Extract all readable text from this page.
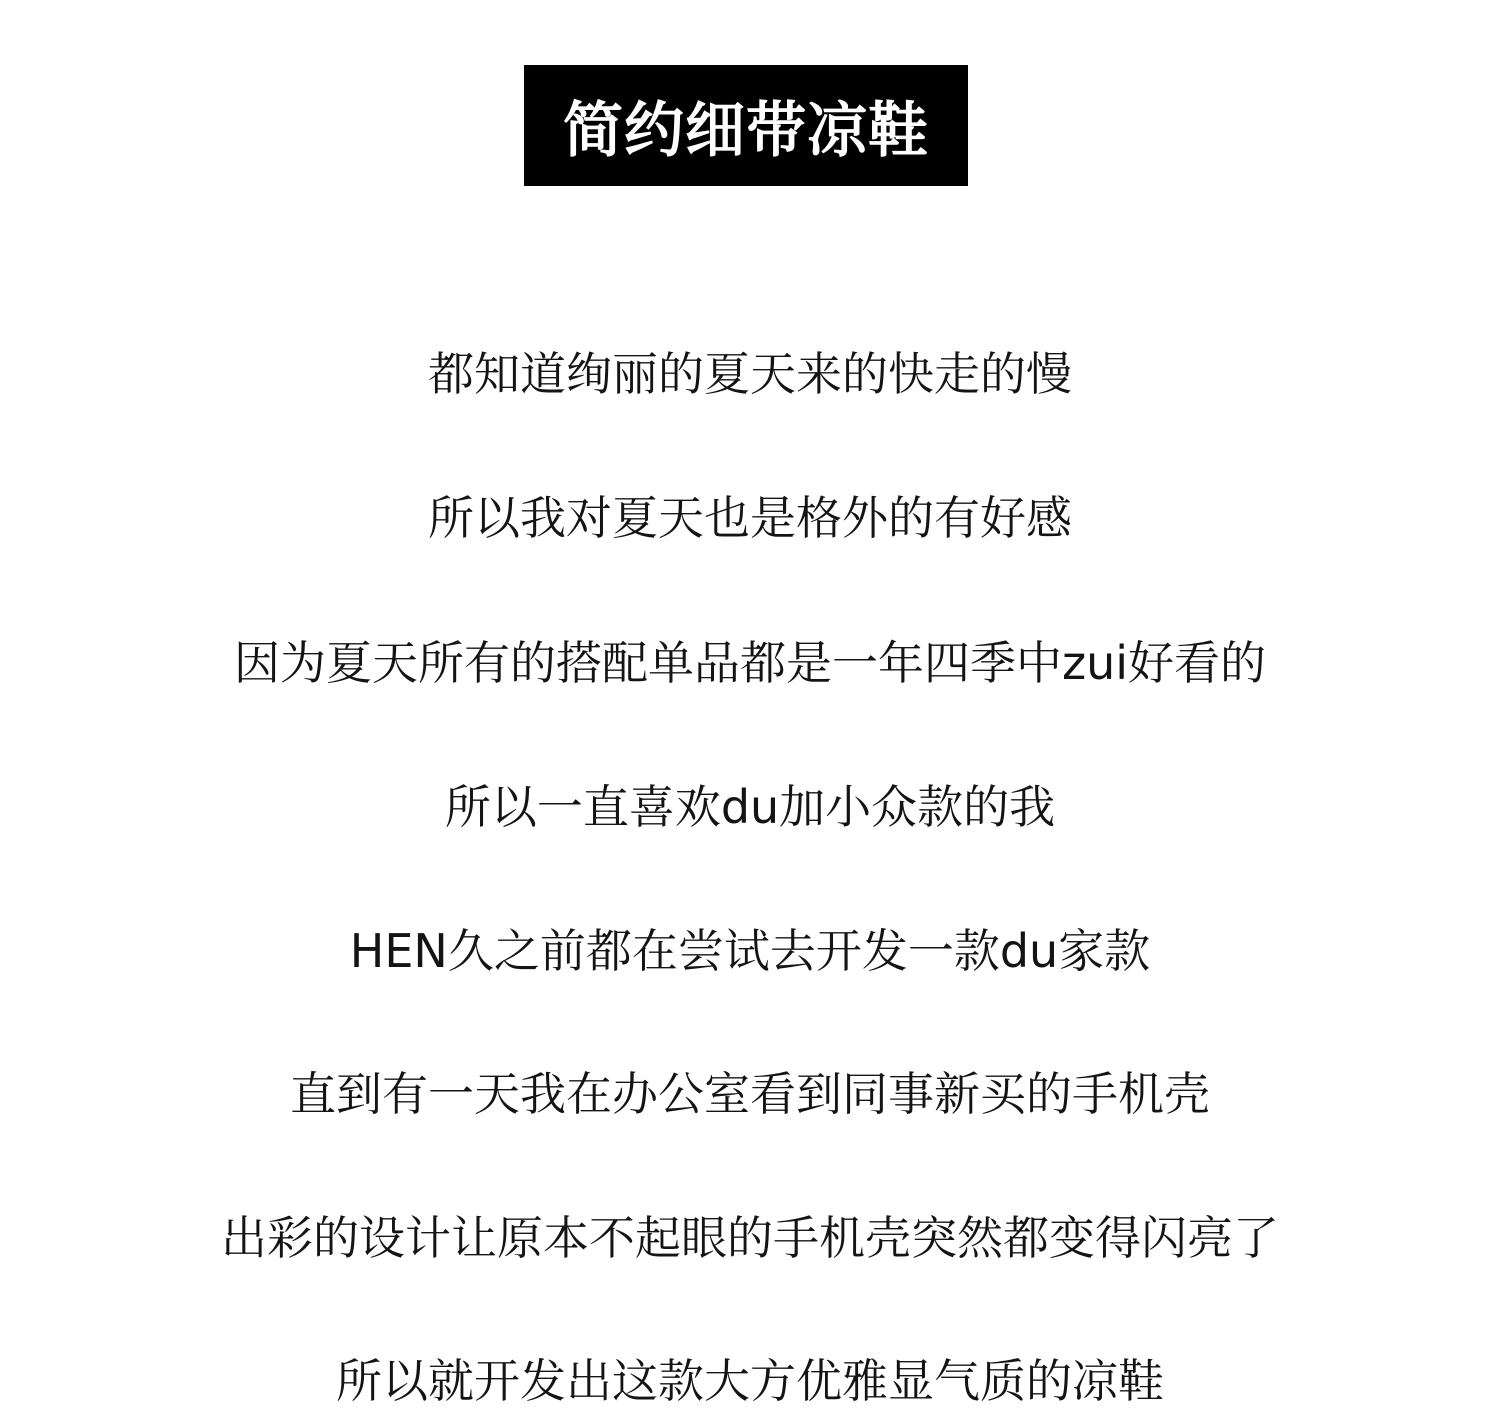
简约细带凉鞋
都知道绚丽的夏天来的快走的慢
所以我对夏天也是格外的有好感
因为夏天所有的搭配单品都是一年四季中zui好看的
所以一直喜欢du加小众款的我
HEN久之前都在尝试去开发一款du家款
直到有一天我在办公室看到同事新买的手机壳
出彩的设计让原本不起眼的手机壳突然都变得闪亮了
所以就开发出这款大方优雅显气质的凉鞋
